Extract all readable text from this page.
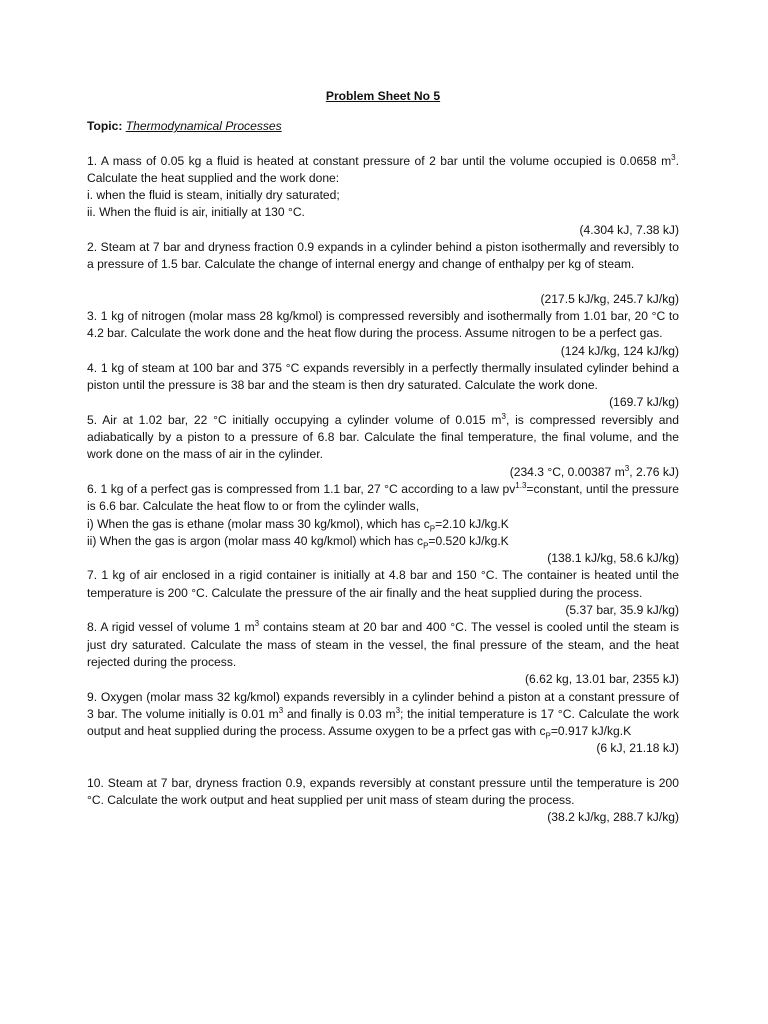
Problem Sheet No 5
Topic: Thermodynamical Processes
1. A mass of 0.05 kg a fluid is heated at constant pressure of 2 bar until the volume occupied is 0.0658 $m^3$. Calculate the heat supplied and the work done:
i. when the fluid is steam, initially dry saturated;
ii. When the fluid is air, initially at 130 °C.
(4.304 kJ, 7.38 kJ)
2. Steam at 7 bar and dryness fraction 0.9 expands in a cylinder behind a piston isothermally and reversibly to a pressure of 1.5 bar. Calculate the change of internal energy and change of enthalpy per kg of steam.
(217.5 kJ/kg, 245.7 kJ/kg)
3. 1 kg of nitrogen (molar mass 28 kg/kmol) is compressed reversibly and isothermally from 1.01 bar, 20 °C to 4.2 bar. Calculate the work done and the heat flow during the process. Assume nitrogen to be a perfect gas.
(124 kJ/kg, 124 kJ/kg)
4. 1 kg of steam at 100 bar and 375 °C expands reversibly in a perfectly thermally insulated cylinder behind a piston until the pressure is 38 bar and the steam is then dry saturated. Calculate the work done.
(169.7 kJ/kg)
5. Air at 1.02 bar, 22 °C initially occupying a cylinder volume of 0.015 $m^3$, is compressed reversibly and adiabatically by a piston to a pressure of 6.8 bar. Calculate the final temperature, the final volume, and the work done on the mass of air in the cylinder.
(234.3 °C, 0.00387 $m^3$, 2.76 kJ)
6. 1 kg of a perfect gas is compressed from 1.1 bar, 27 °C according to a law $pv^{1.3}=constant$, until the pressure is 6.6 bar. Calculate the heat flow to or from the cylinder walls,
i) When the gas is ethane (molar mass 30 kg/kmol), which has $c_P=2.10$ kJ/kg.K
ii) When the gas is argon (molar mass 40 kg/kmol) which has $c_P=0.520$ kJ/kg.K
(138.1 kJ/kg, 58.6 kJ/kg)
7. 1 kg of air enclosed in a rigid container is initially at 4.8 bar and 150 °C. The container is heated until the temperature is 200 °C. Calculate the pressure of the air finally and the heat supplied during the process.
(5.37 bar, 35.9 kJ/kg)
8. A rigid vessel of volume 1 $m^3$ contains steam at 20 bar and 400 °C. The vessel is cooled until the steam is just dry saturated. Calculate the mass of steam in the vessel, the final pressure of the steam, and the heat rejected during the process.
(6.62 kg, 13.01 bar, 2355 kJ)
9. Oxygen (molar mass 32 kg/kmol) expands reversibly in a cylinder behind a piston at a constant pressure of 3 bar. The volume initially is 0.01 $m^3$ and finally is 0.03 $m^3$; the initial temperature is 17 °C. Calculate the work output and heat supplied during the process. Assume oxygen to be a prfect gas with $c_P=0.917$ kJ/kg.K
(6 kJ, 21.18 kJ)
10. Steam at 7 bar, dryness fraction 0.9, expands reversibly at constant pressure until the temperature is 200 °C. Calculate the work output and heat supplied per unit mass of steam during the process.
(38.2 kJ/kg, 288.7 kJ/kg)
